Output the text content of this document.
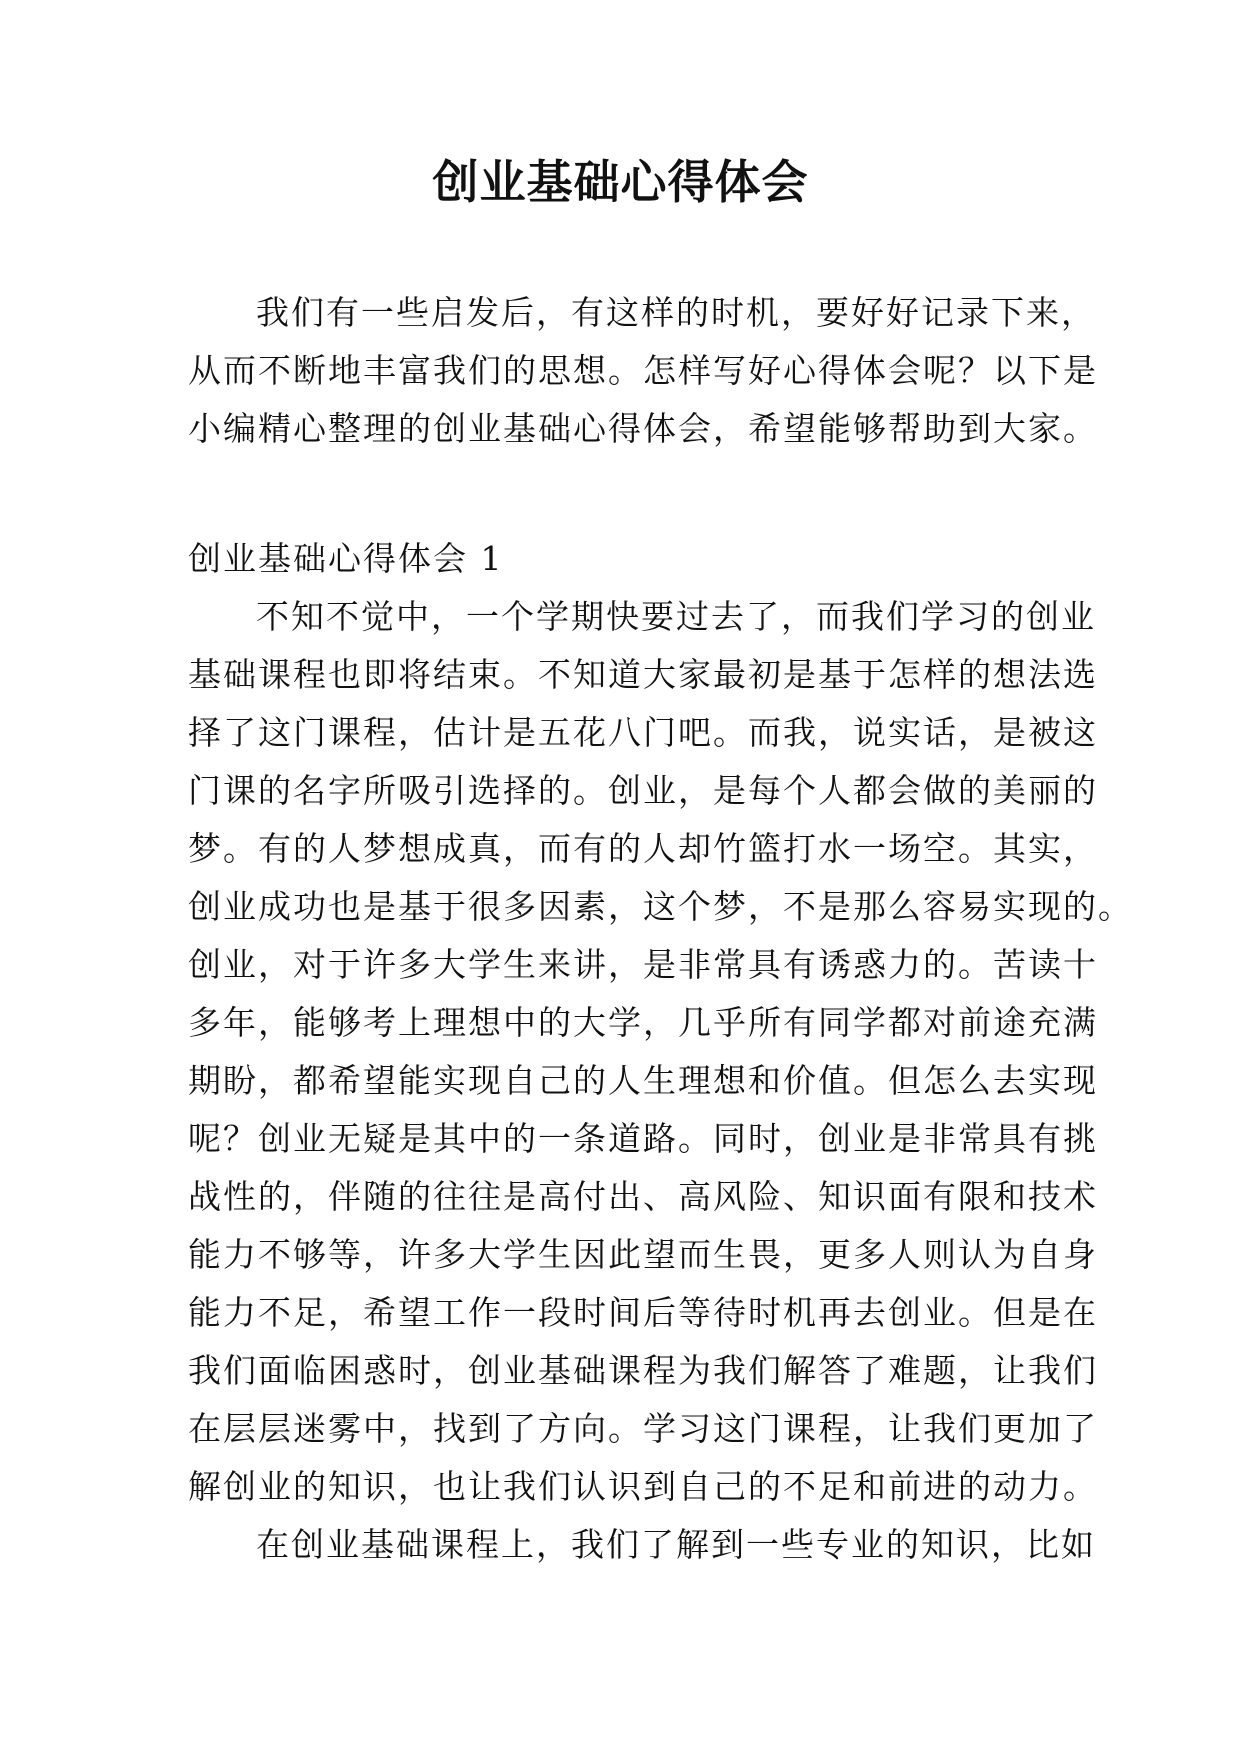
创业基础心得体会
我们有一些启发后，有这样的时机，要好好记录下来，
从而不断地丰富我们的思想。怎样写好心得体会呢？以下是
小编精心整理的创业基础心得体会，希望能够帮助到大家。
创业基础心得体会 1
不知不觉中，一个学期快要过去了，而我们学习的创业
基础课程也即将结束。不知道大家最初是基于怎样的想法选
择了这门课程，估计是五花八门吧。而我，说实话，是被这
门课的名字所吸引选择的。创业，是每个人都会做的美丽的
梦。有的人梦想成真，而有的人却竹篮打水一场空。其实，
创业成功也是基于很多因素，这个梦，不是那么容易实现的。
创业，对于许多大学生来讲，是非常具有诱惑力的。苦读十
多年，能够考上理想中的大学，几乎所有同学都对前途充满
期盼，都希望能实现自己的人生理想和价值。但怎么去实现
呢？创业无疑是其中的一条道路。同时，创业是非常具有挑
战性的，伴随的往往是高付出、高风险、知识面有限和技术
能力不够等，许多大学生因此望而生畏，更多人则认为自身
能力不足，希望工作一段时间后等待时机再去创业。但是在
我们面临困惑时，创业基础课程为我们解答了难题，让我们
在层层迷雾中，找到了方向。学习这门课程，让我们更加了
解创业的知识，也让我们认识到自己的不足和前进的动力。
在创业基础课程上，我们了解到一些专业的知识，比如
